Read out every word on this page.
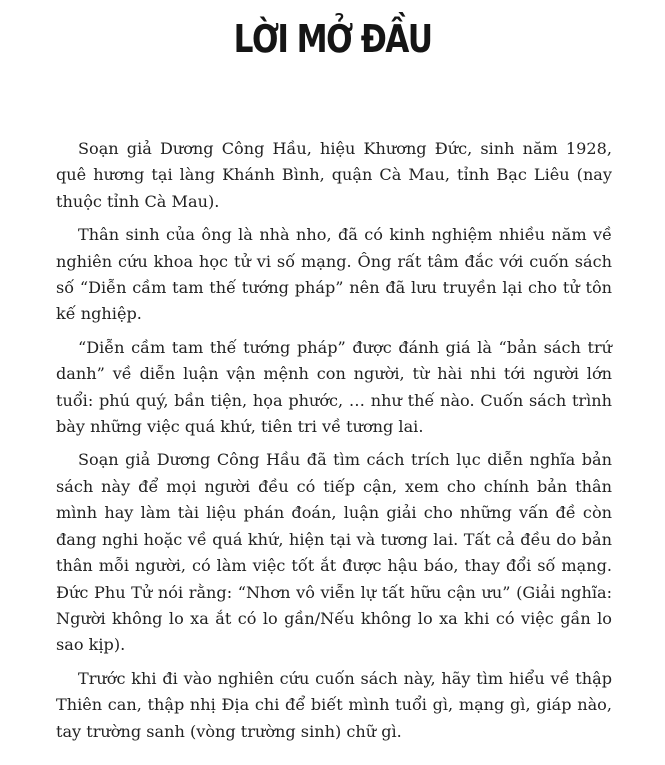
LỜI MỞ ĐẦU

Soạn giả Dương Công Hầu, hiệu Khương Đức, sinh năm 1928, quê hương tại làng Khánh Bình, quận Cà Mau, tỉnh Bạc Liêu (nay thuộc tỉnh Cà Mau).

Thân sinh của ông là nhà nho, đã có kinh nghiệm nhiều năm về nghiên cứu khoa học tử vi số mạng. Ông rất tâm đắc với cuốn sách số “Diễn cầm tam thế tướng pháp” nên đã lưu truyền lại cho tử tôn kế nghiệp.

“Diễn cầm tam thế tướng pháp” được đánh giá là “bản sách trứ danh” về diễn luận vận mệnh con người, từ hài nhi tới người lớn tuổi: phú quý, bần tiện, họa phước, … như thế nào. Cuốn sách trình bày những việc quá khứ, tiên tri về tương lai.

Soạn giả Dương Công Hầu đã tìm cách trích lục diễn nghĩa bản sách này để mọi người đều có tiếp cận, xem cho chính bản thân mình hay làm tài liệu phán đoán, luận giải cho những vấn đề còn đang nghi hoặc về quá khứ, hiện tại và tương lai. Tất cả đều do bản thân mỗi người, có làm việc tốt ắt được hậu báo, thay đổi số mạng. Đức Phu Tử nói rằng: “Nhơn vô viễn lự tất hữu cận ưu” (Giải nghĩa: Người không lo xa ắt có lo gần/Nếu không lo xa khi có việc gần lo sao kịp).

Trước khi đi vào nghiên cứu cuốn sách này, hãy tìm hiểu về thập Thiên can, thập nhị Địa chi để biết mình tuổi gì, mạng gì, giáp nào, tay trường sanh (vòng trường sinh) chữ gì.
